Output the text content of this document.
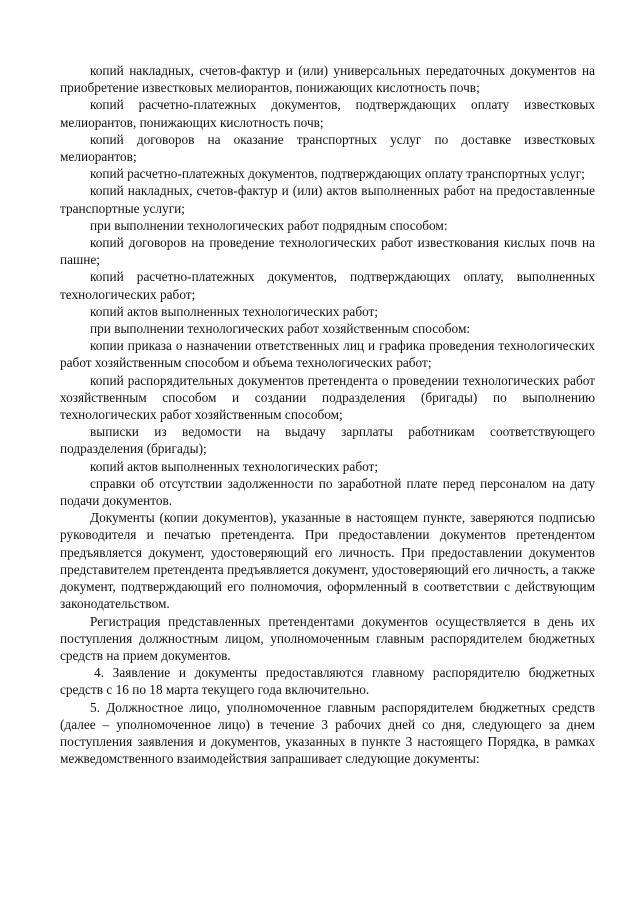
копий накладных, счетов-фактур и (или) универсальных передаточных документов на приобретение известковых мелиорантов, понижающих кислотность почв;

копий расчетно-платежных документов, подтверждающих оплату известковых мелиорантов, понижающих кислотность почв;

копий договоров на оказание транспортных услуг по доставке известковых мелиорантов;

копий расчетно-платежных документов, подтверждающих оплату транспортных услуг;

копий накладных, счетов-фактур и (или) актов выполненных работ на предоставленные транспортные услуги;

при выполнении технологических работ подрядным способом:

копий договоров на проведение технологических работ известкования кислых почв на пашне;

копий расчетно-платежных документов, подтверждающих оплату, выполненных технологических работ;

копий актов выполненных технологических работ;

при выполнении технологических работ хозяйственным способом:

копии приказа о назначении ответственных лиц и графика проведения технологических работ хозяйственным способом и объема технологических работ;

копий распорядительных документов претендента о проведении технологических работ хозяйственным способом и создании подразделения (бригады) по выполнению технологических работ хозяйственным способом;

выписки из ведомости на выдачу зарплаты работникам соответствующего подразделения (бригады);

копий актов выполненных технологических работ;

справки об отсутствии задолженности по заработной плате перед персоналом на дату подачи документов.

Документы (копии документов), указанные в настоящем пункте, заверяются подписью руководителя и печатью претендента. При предоставлении документов претендентом предъявляется документ, удостоверяющий его личность. При предоставлении документов представителем претендента предъявляется документ, удостоверяющий его личность, а также документ, подтверждающий его полномочия, оформленный в соответствии с действующим законодательством.

Регистрация представленных претендентами документов осуществляется в день их поступления должностным лицом, уполномоченным главным распорядителем бюджетных средств на прием документов.

4. Заявление и документы предоставляются главному распорядителю бюджетных средств с 16 по 18 марта текущего года включительно.

5. Должностное лицо, уполномоченное главным распорядителем бюджетных средств (далее – уполномоченное лицо) в течение 3 рабочих дней со дня, следующего за днем поступления заявления и документов, указанных в пункте 3 настоящего Порядка, в рамках межведомственного взаимодействия запрашивает следующие документы:
